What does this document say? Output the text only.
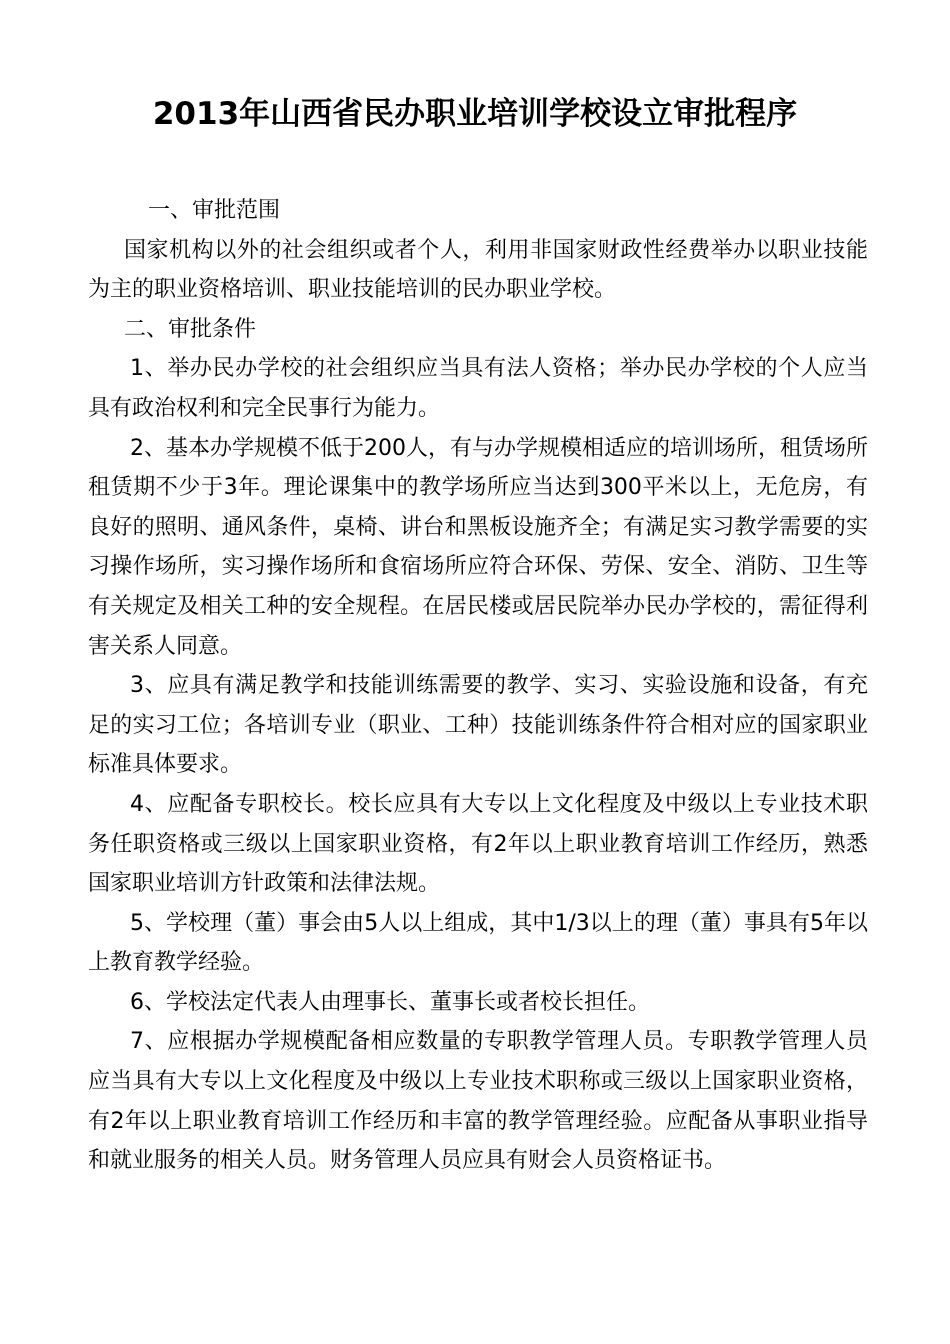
2013年山西省民办职业培训学校设立审批程序
一、审批范围

国家机构以外的社会组织或者个人，利用非国家财政性经费举办以职业技能为主的职业资格培训、职业技能培训的民办职业学校。

二、审批条件

1、举办民办学校的社会组织应当具有法人资格；举办民办学校的个人应当具有政治权利和完全民事行为能力。

2、基本办学规模不低于200人，有与办学规模相适应的培训场所，租赁场所租赁期不少于3年。理论课集中的教学场所应当达到300平米以上，无危房，有良好的照明、通风条件，桌椅、讲台和黑板设施齐全；有满足实习教学需要的实习操作场所，实习操作场所和食宿场所应符合环保、劳保、安全、消防、卫生等有关规定及相关工种的安全规程。在居民楼或居民院举办民办学校的，需征得利害关系人同意。

3、应具有满足教学和技能训练需要的教学、实习、实验设施和设备，有充足的实习工位；各培训专业（职业、工种）技能训练条件符合相对应的国家职业标准具体要求。

4、应配备专职校长。校长应具有大专以上文化程度及中级以上专业技术职务任职资格或三级以上国家职业资格，有2年以上职业教育培训工作经历，熟悉国家职业培训方针政策和法律法规。

5、学校理（董）事会由5人以上组成，其中1/3以上的理（董）事具有5年以上教育教学经验。

6、学校法定代表人由理事长、董事长或者校长担任。

7、应根据办学规模配备相应数量的专职教学管理人员。专职教学管理人员应当具有大专以上文化程度及中级以上专业技术职称或三级以上国家职业资格，有2年以上职业教育培训工作经历和丰富的教学管理经验。应配备从事职业指导和就业服务的相关人员。财务管理人员应具有财会人员资格证书。
